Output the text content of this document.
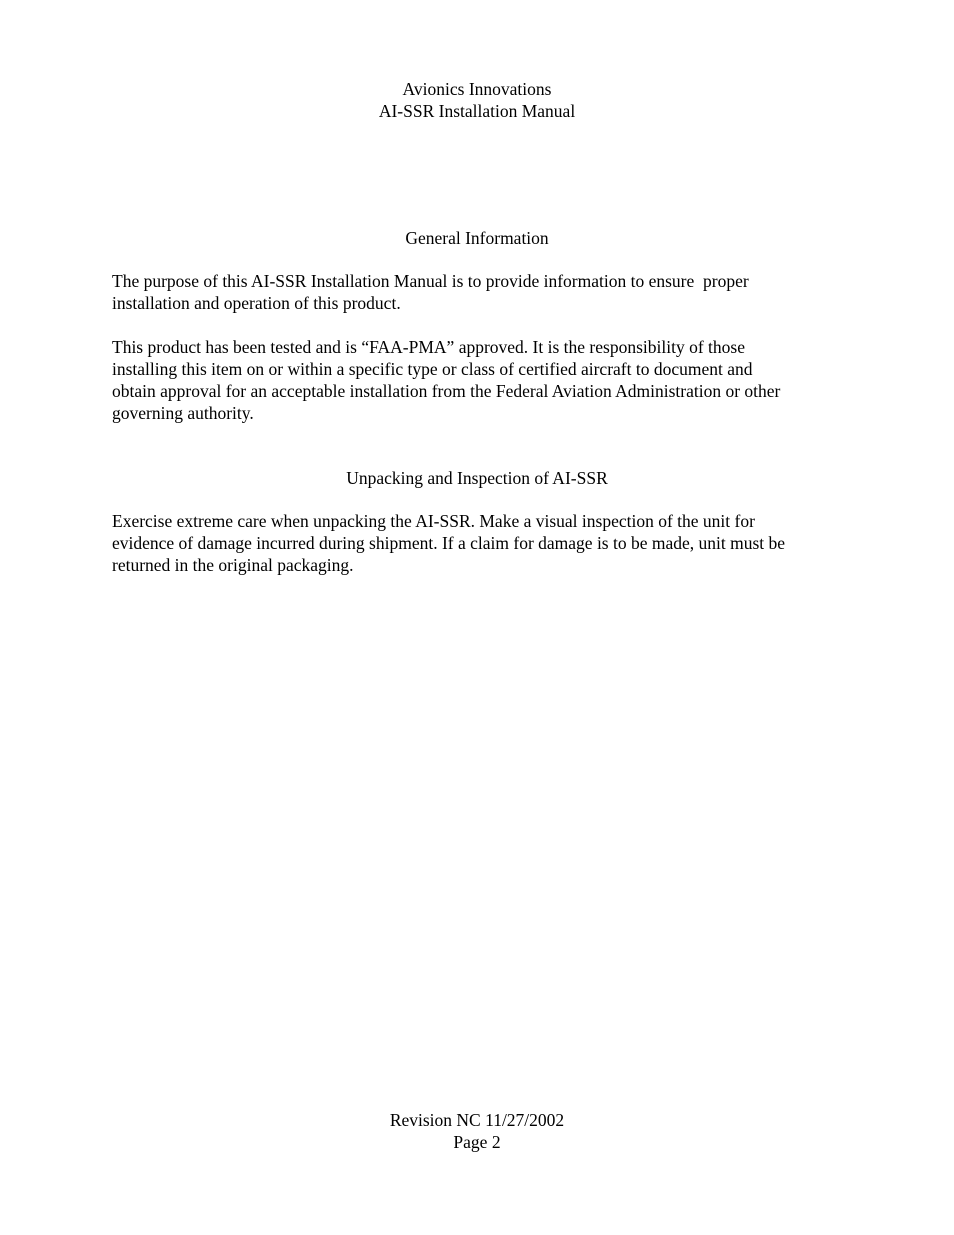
Avionics Innovations
AI-SSR Installation Manual
General Information

The purpose of this AI-SSR Installation Manual is to provide information to ensure  proper
installation and operation of this product.

This product has been tested and is “FAA-PMA” approved. It is the responsibility of those
installing this item on or within a specific type or class of certified aircraft to document and
obtain approval for an acceptable installation from the Federal Aviation Administration or other
governing authority.

Unpacking and Inspection of AI-SSR

Exercise extreme care when unpacking the AI-SSR. Make a visual inspection of the unit for
evidence of damage incurred during shipment. If a claim for damage is to be made, unit must be
returned in the original packaging.

Revision NC 11/27/2002
Page 2
